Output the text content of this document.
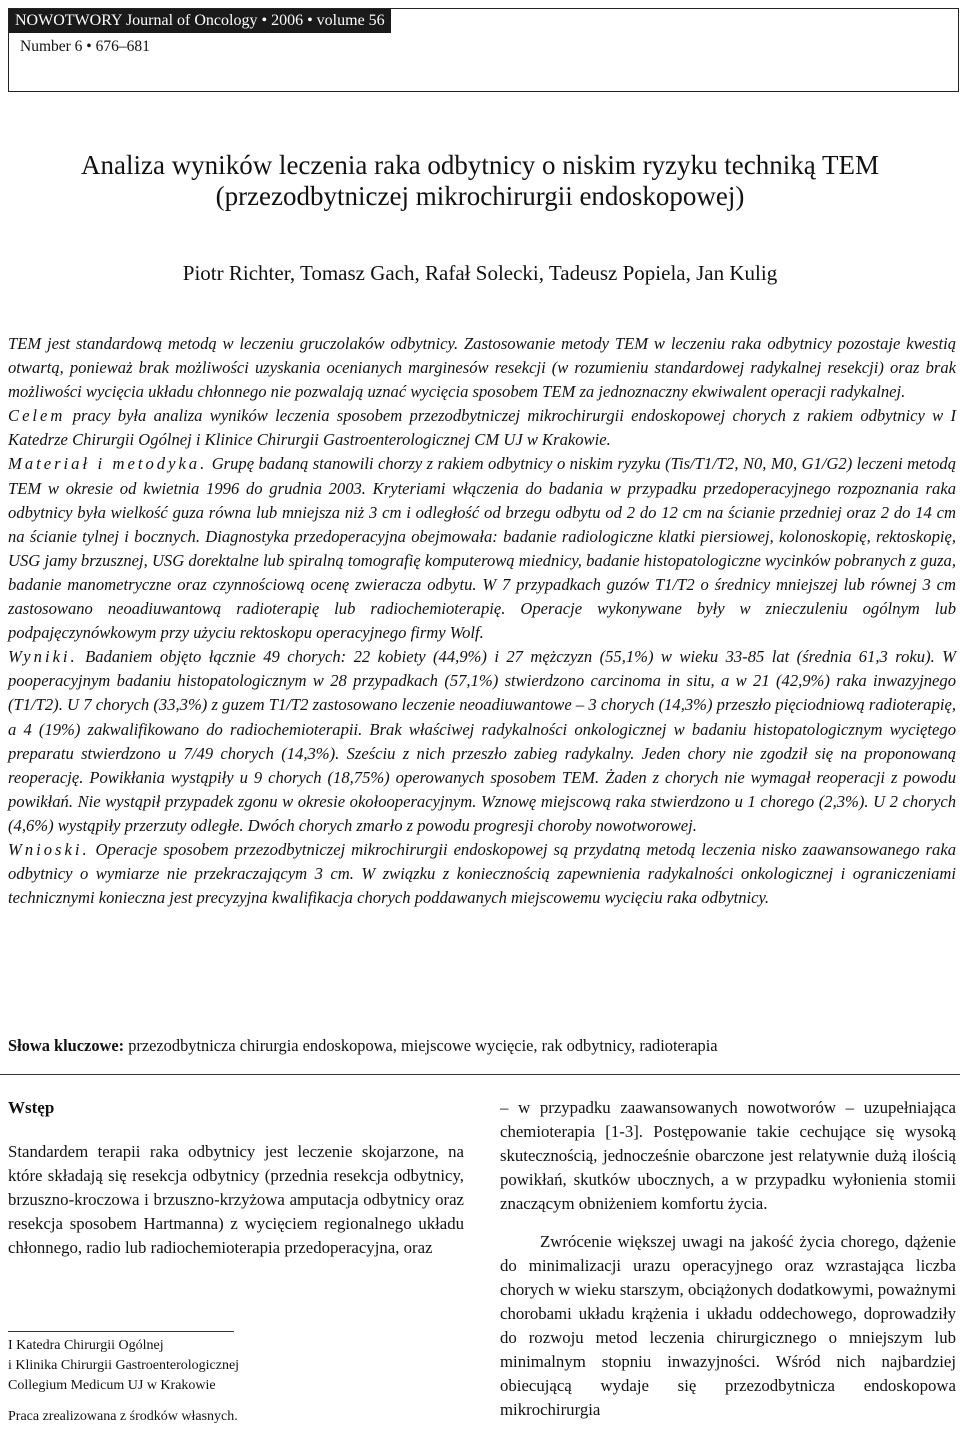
NOWOTWORY Journal of Oncology • 2006 • volume 56
Number 6 • 676–681
Analiza wyników leczenia raka odbytnicy o niskim ryzyku techniką TEM
(przezodbytniczej mikrochirurgii endoskopowej)
Piotr Richter, Tomasz Gach, Rafał Solecki, Tadeusz Popiela, Jan Kulig

TEM jest standardową metodą w leczeniu gruczolaków odbytnicy. Zastosowanie metody TEM w leczeniu raka odbytnicy pozostaje kwestią otwartą, ponieważ brak możliwości uzyskania ocenianych marginesów resekcji (w rozumieniu standardowej radykalnej resekcji) oraz brak możliwości wycięcia układu chłonnego nie pozwalają uznać wycięcia sposobem TEM za jednoznaczny ekwiwalent operacji radykalnej.

Celem pracy była analiza wyników leczenia sposobem przezodbytniczej mikrochirurgii endoskopowej chorych z rakiem odbytnicy w I Katedrze Chirurgii Ogólnej i Klinice Chirurgii Gastroenterologicznej CM UJ w Krakowie.

Materiał i metodyka. Grupę badaną stanowili chorzy z rakiem odbytnicy o niskim ryzyku (Tis/T1/T2, N0, M0, G1/G2) leczeni metodą TEM w okresie od kwietnia 1996 do grudnia 2003. Kryteriami włączenia do badania w przypadku przedoperacyjnego rozpoznania raka odbytnicy była wielkość guza równa lub mniejsza niż 3 cm i odległość od brzegu odbytu od 2 do 12 cm na ścianie przedniej oraz 2 do 14 cm na ścianie tylnej i bocznych. Diagnostyka przedoperacyjna obejmowała: badanie radiologiczne klatki piersiowej, kolonoskopię, rektoskopię, USG jamy brzusznej, USG dorektalne lub spiralną tomografię komputerową miednicy, badanie histopatologiczne wycinków pobranych z guza, badanie manometryczne oraz czynnościową ocenę zwieracza odbytu. W 7 przypadkach guzów T1/T2 o średnicy mniejszej lub równej 3 cm zastosowano neoadiuwantową radioterapię lub radiochemioterapię. Operacje wykonywane były w znieczuleniu ogólnym lub podpajęczynówkowym przy użyciu rektoskopu operacyjnego firmy Wolf.

Wyniki. Badaniem objęto łącznie 49 chorych: 22 kobiety (44,9%) i 27 mężczyzn (55,1%) w wieku 33-85 lat (średnia 61,3 roku). W pooperacyjnym badaniu histopatologicznym w 28 przypadkach (57,1%) stwierdzono carcinoma in situ, a w 21 (42,9%) raka inwazyjnego (T1/T2). U 7 chorych (33,3%) z guzem T1/T2 zastosowano leczenie neoadiuwantowe – 3 chorych (14,3%) przeszło pięciodniową radioterapię, a 4 (19%) zakwalifikowano do radiochemioterapii. Brak właściwej radykalności onkologicznej w badaniu histopatologicznym wyciętego preparatu stwierdzono u 7/49 chorych (14,3%). Sześciu z nich przeszło zabieg radykalny. Jeden chory nie zgodził się na proponowaną reoperację. Powikłania wystąpiły u 9 chorych (18,75%) operowanych sposobem TEM. Żaden z chorych nie wymagał reoperacji z powodu powikłań. Nie wystąpił przypadek zgonu w okresie okołooperacyjnym. Wznowę miejscową raka stwierdzono u 1 chorego (2,3%). U 2 chorych (4,6%) wystąpiły przerzuty odległe. Dwóch chorych zmarło z powodu progresji choroby nowotworowej.

Wnioski. Operacje sposobem przezodbytniczej mikrochirurgii endoskopowej są przydatną metodą leczenia nisko zaawansowanego raka odbytnicy o wymiarze nie przekraczającym 3 cm. W związku z koniecznością zapewnienia radykalności onkologicznej i ograniczeniami technicznymi konieczna jest precyzyjna kwalifikacja chorych poddawanych miejscowemu wycięciu raka odbytnicy.

Słowa kluczowe: przezodbytnicza chirurgia endoskopowa, miejscowe wycięcie, rak odbytnicy, radioterapia
Wstęp

Standardem terapii raka odbytnicy jest leczenie skojarzone, na które składają się resekcja odbytnicy (przednia resekcja odbytnicy, brzuszno-kroczowa i brzuszno-krzyżowa amputacja odbytnicy oraz resekcja sposobem Hartmanna) z wycięciem regionalnego układu chłonnego, radio lub radiochemioterapia przedoperacyjna, oraz

– w przypadku zaawansowanych nowotworów – uzupełniająca chemioterapia [1-3]. Postępowanie takie cechujące się wysoką skutecznością, jednocześnie obarczone jest relatywnie dużą ilością powikłań, skutków ubocznych, a w przypadku wyłonienia stomii znaczącym obniżeniem komfortu życia.

Zwrócenie większej uwagi na jakość życia chorego, dążenie do minimalizacji urazu operacyjnego oraz wzrastająca liczba chorych w wieku starszym, obciążonych dodatkowymi, poważnymi chorobami układu krążenia i układu oddechowego, doprowadziły do rozwoju metod leczenia chirurgicznego o mniejszym lub minimalnym stopniu inwazyjności. Wśród nich najbardziej obiecującą wydaje się przezodbytnicza endoskopowa mikrochirurgia

I Katedra Chirurgii Ogólnej
i Klinika Chirurgii Gastroenterologicznej
Collegium Medicum UJ w Krakowie
Praca zrealizowana z środków własnych.
